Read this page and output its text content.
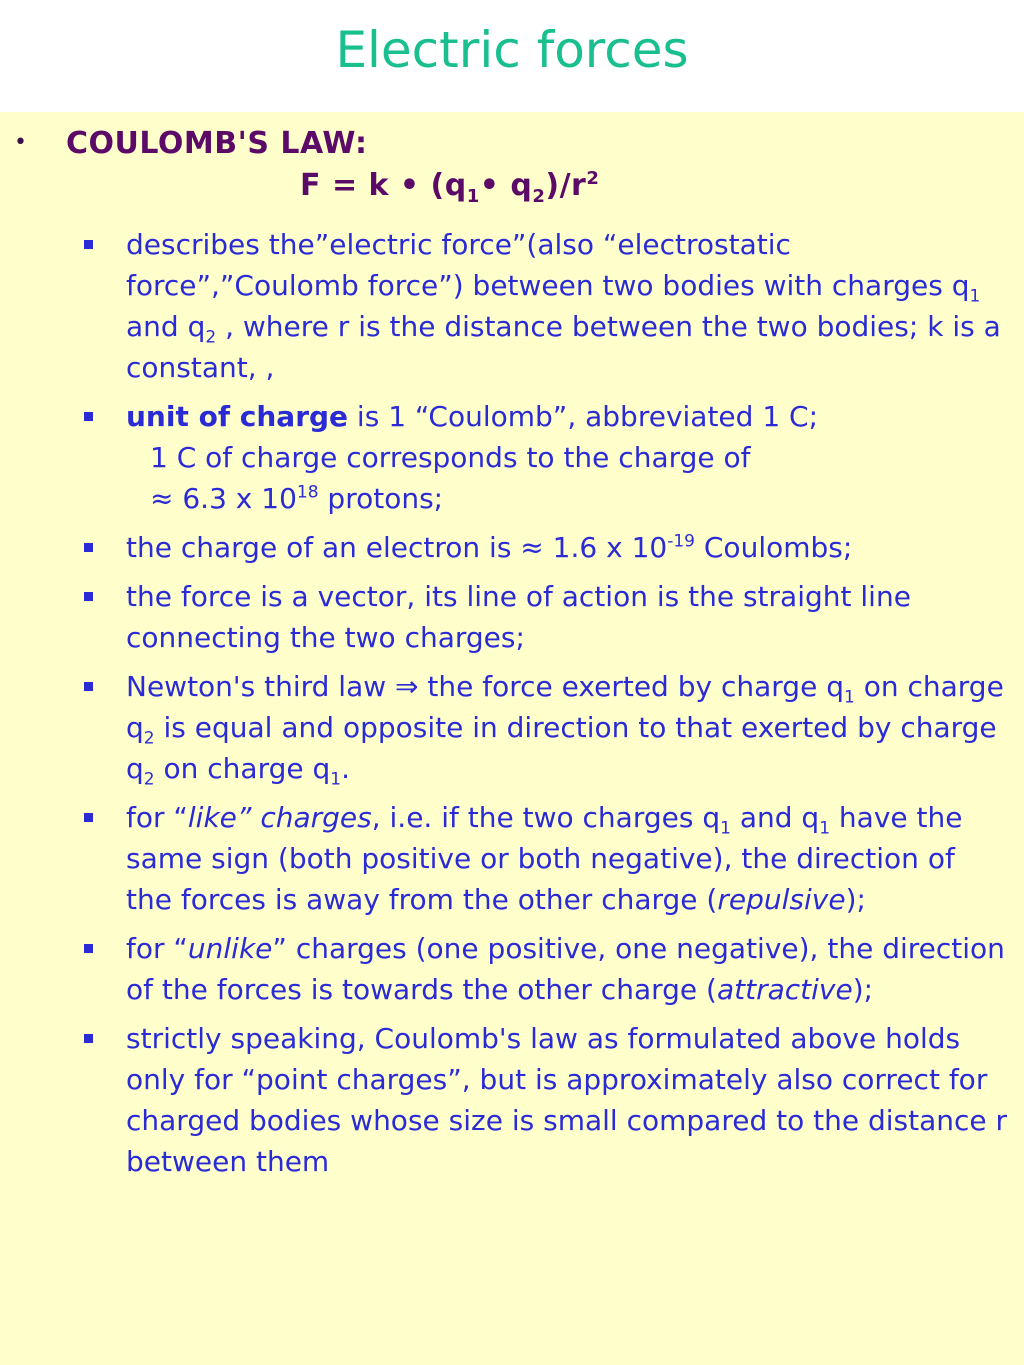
Electric forces
• COULOMB'S LAW:
F = k • ($q_1•$ $q_2)/r^2$
describes the”electric force”(also “electrostatic force”,”Coulomb force”) between two bodies with charges $q_1$ and $q_2$ , where r is the distance between the two bodies; k is a constant, ,
unit of charge is 1 “Coulomb”, abbreviated 1 C;
1 C of charge corresponds to the charge of
≈ 6.3 x $10^{18}$ protons;
the charge of an electron is ≈ 1.6 x $10^{-19}$ Coulombs;
the force is a vector, its line of action is the straight line connecting the two charges;
Newton's third law ⇒ the force exerted by charge $q_1$ on charge $q_2$ is equal and opposite in direction to that exerted by charge $q_2$ on charge $q_1$.
for “like” charges, i.e. if the two charges $q_1$ and $q_1$ have the same sign (both positive or both negative), the direction of the forces is away from the other charge (repulsive);
for “unlike” charges (one positive, one negative), the direction of the forces is towards the other charge (attractive);
strictly speaking, Coulomb's law as formulated above holds only for “point charges”, but is approximately also correct for charged bodies whose size is small compared to the distance r between them
